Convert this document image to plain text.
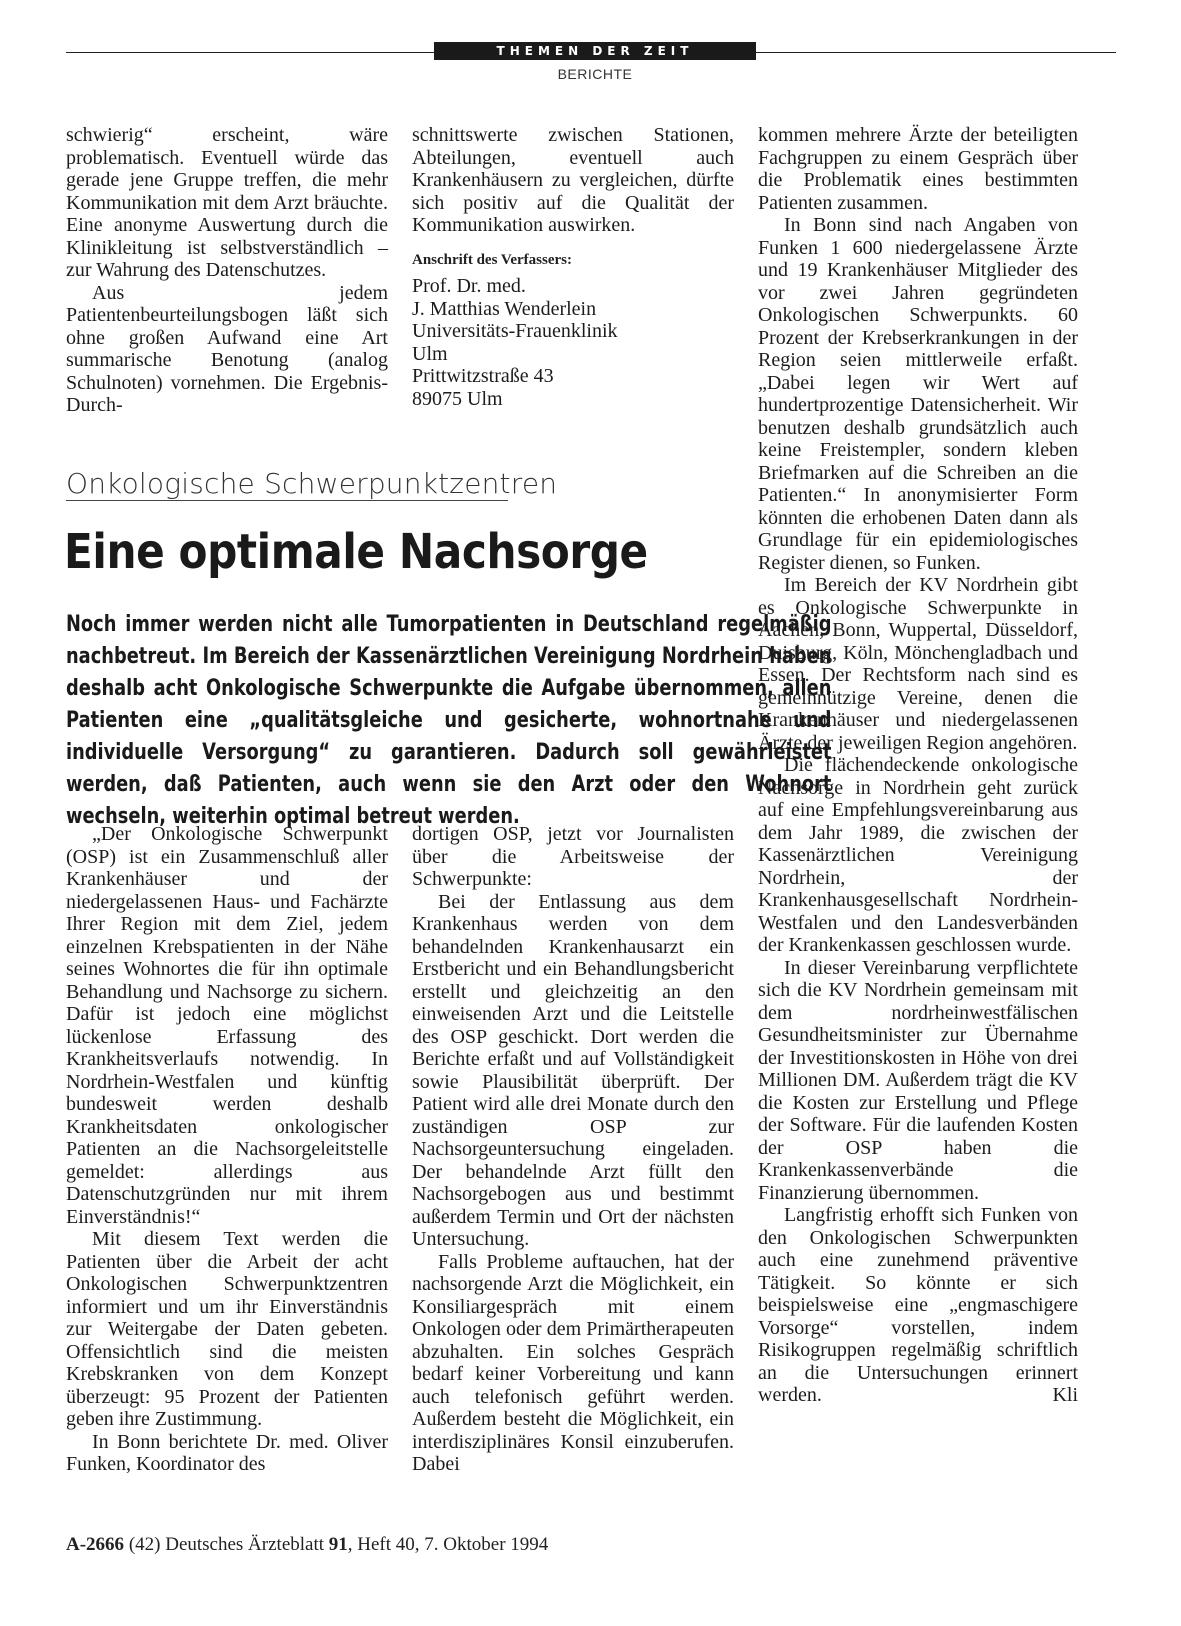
THEMEN DER ZEIT
BERICHTE

schwierig“ erscheint, wäre problematisch. Eventuell würde das gerade jene Gruppe treffen, die mehr Kommunikation mit dem Arzt bräuchte. Eine anonyme Auswertung durch die Klinikleitung ist selbstverständlich – zur Wahrung des Datenschutzes.

Aus jedem Patientenbeurteilungsbogen läßt sich ohne großen Aufwand eine Art summarische Benotung (analog Schulnoten) vornehmen. Die Ergebnis-Durch-

schnittswerte zwischen Stationen, Abteilungen, eventuell auch Krankenhäusern zu vergleichen, dürfte sich positiv auf die Qualität der Kommunikation auswirken.

Anschrift des Verfassers:
Prof. Dr. med.
J. Matthias Wenderlein
Universitäts-Frauenklinik
Ulm
Prittwitzstraße 43
89075 Ulm
Onkologische Schwerpunktzentren
Eine optimale Nachsorge
Noch immer werden nicht alle Tumorpatienten in Deutschland regelmäßig nachbetreut. Im Bereich der Kassenärztlichen Vereinigung Nordrhein haben deshalb acht Onkologische Schwerpunkte die Aufgabe übernommen, allen Patienten eine „qualitätsgleiche und gesicherte, wohnortnahe und individuelle Versorgung“ zu garantieren. Dadurch soll gewährleistet werden, daß Patienten, auch wenn sie den Arzt oder den Wohnort wechseln, weiterhin optimal betreut werden.

„Der Onkologische Schwerpunkt (OSP) ist ein Zusammenschluß aller Krankenhäuser und der niedergelassenen Haus- und Fachärzte Ihrer Region mit dem Ziel, jedem einzelnen Krebspatienten in der Nähe seines Wohnortes die für ihn optimale Behandlung und Nachsorge zu sichern. Dafür ist jedoch eine möglichst lückenlose Erfassung des Krankheitsverlaufs notwendig. In Nordrhein-Westfalen und künftig bundesweit werden deshalb Krankheitsdaten onkologischer Patienten an die Nachsorgeleitstelle gemeldet: allerdings aus Datenschutzgründen nur mit ihrem Einverständnis!“

Mit diesem Text werden die Patienten über die Arbeit der acht Onkologischen Schwerpunktzentren informiert und um ihr Einverständnis zur Weitergabe der Daten gebeten. Offensichtlich sind die meisten Krebskranken von dem Konzept überzeugt: 95 Prozent der Patienten geben ihre Zustimmung.

In Bonn berichtete Dr. med. Oliver Funken, Koordinator des

dortigen OSP, jetzt vor Journalisten über die Arbeitsweise der Schwerpunkte:

Bei der Entlassung aus dem Krankenhaus werden von dem behandelnden Krankenhausarzt ein Erstbericht und ein Behandlungsbericht erstellt und gleichzeitig an den einweisenden Arzt und die Leitstelle des OSP geschickt. Dort werden die Berichte erfaßt und auf Vollständigkeit sowie Plausibilität überprüft. Der Patient wird alle drei Monate durch den zuständigen OSP zur Nachsorgeuntersuchung eingeladen. Der behandelnde Arzt füllt den Nachsorgebogen aus und bestimmt außerdem Termin und Ort der nächsten Untersuchung.

Falls Probleme auftauchen, hat der nachsorgende Arzt die Möglichkeit, ein Konsiliargespräch mit einem Onkologen oder dem Primärtherapeuten abzuhalten. Ein solches Gespräch bedarf keiner Vorbereitung und kann auch telefonisch geführt werden. Außerdem besteht die Möglichkeit, ein interdisziplinäres Konsil einzuberufen. Dabei

kommen mehrere Ärzte der beteiligten Fachgruppen zu einem Gespräch über die Problematik eines bestimmten Patienten zusammen.

In Bonn sind nach Angaben von Funken 1 600 niedergelassene Ärzte und 19 Krankenhäuser Mitglieder des vor zwei Jahren gegründeten Onkologischen Schwerpunkts. 60 Prozent der Krebserkrankungen in der Region seien mittlerweile erfaßt. „Dabei legen wir Wert auf hundertprozentige Datensicherheit. Wir benutzen deshalb grundsätzlich auch keine Freistempler, sondern kleben Briefmarken auf die Schreiben an die Patienten.“ In anonymisierter Form könnten die erhobenen Daten dann als Grundlage für ein epidemiologisches Register dienen, so Funken.

Im Bereich der KV Nordrhein gibt es Onkologische Schwerpunkte in Aachen, Bonn, Wuppertal, Düsseldorf, Duisburg, Köln, Mönchengladbach und Essen. Der Rechtsform nach sind es gemeinnützige Vereine, denen die Krankenhäuser und niedergelassenen Ärzte der jeweiligen Region angehören.

Die flächendeckende onkologische Nachsorge in Nordrhein geht zurück auf eine Empfehlungsvereinbarung aus dem Jahr 1989, die zwischen der Kassenärztlichen Vereinigung Nordrhein, der Krankenhausgesellschaft Nordrhein-Westfalen und den Landesverbänden der Krankenkassen geschlossen wurde.

In dieser Vereinbarung verpflichtete sich die KV Nordrhein gemeinsam mit dem nordrheinwestfälischen Gesundheitsminister zur Übernahme der Investitionskosten in Höhe von drei Millionen DM. Außerdem trägt die KV die Kosten zur Erstellung und Pflege der Software. Für die laufenden Kosten der OSP haben die Krankenkassenverbände die Finanzierung übernommen.

Langfristig erhofft sich Funken von den Onkologischen Schwerpunkten auch eine zunehmend präventive Tätigkeit. So könnte er sich beispielsweise eine „engmaschigere Vorsorge“ vorstellen, indem Risikogruppen regelmäßig schriftlich an die Untersuchungen erinnert werden.	Kli
A-2666 (42) Deutsches Ärzteblatt 91, Heft 40, 7. Oktober 1994
